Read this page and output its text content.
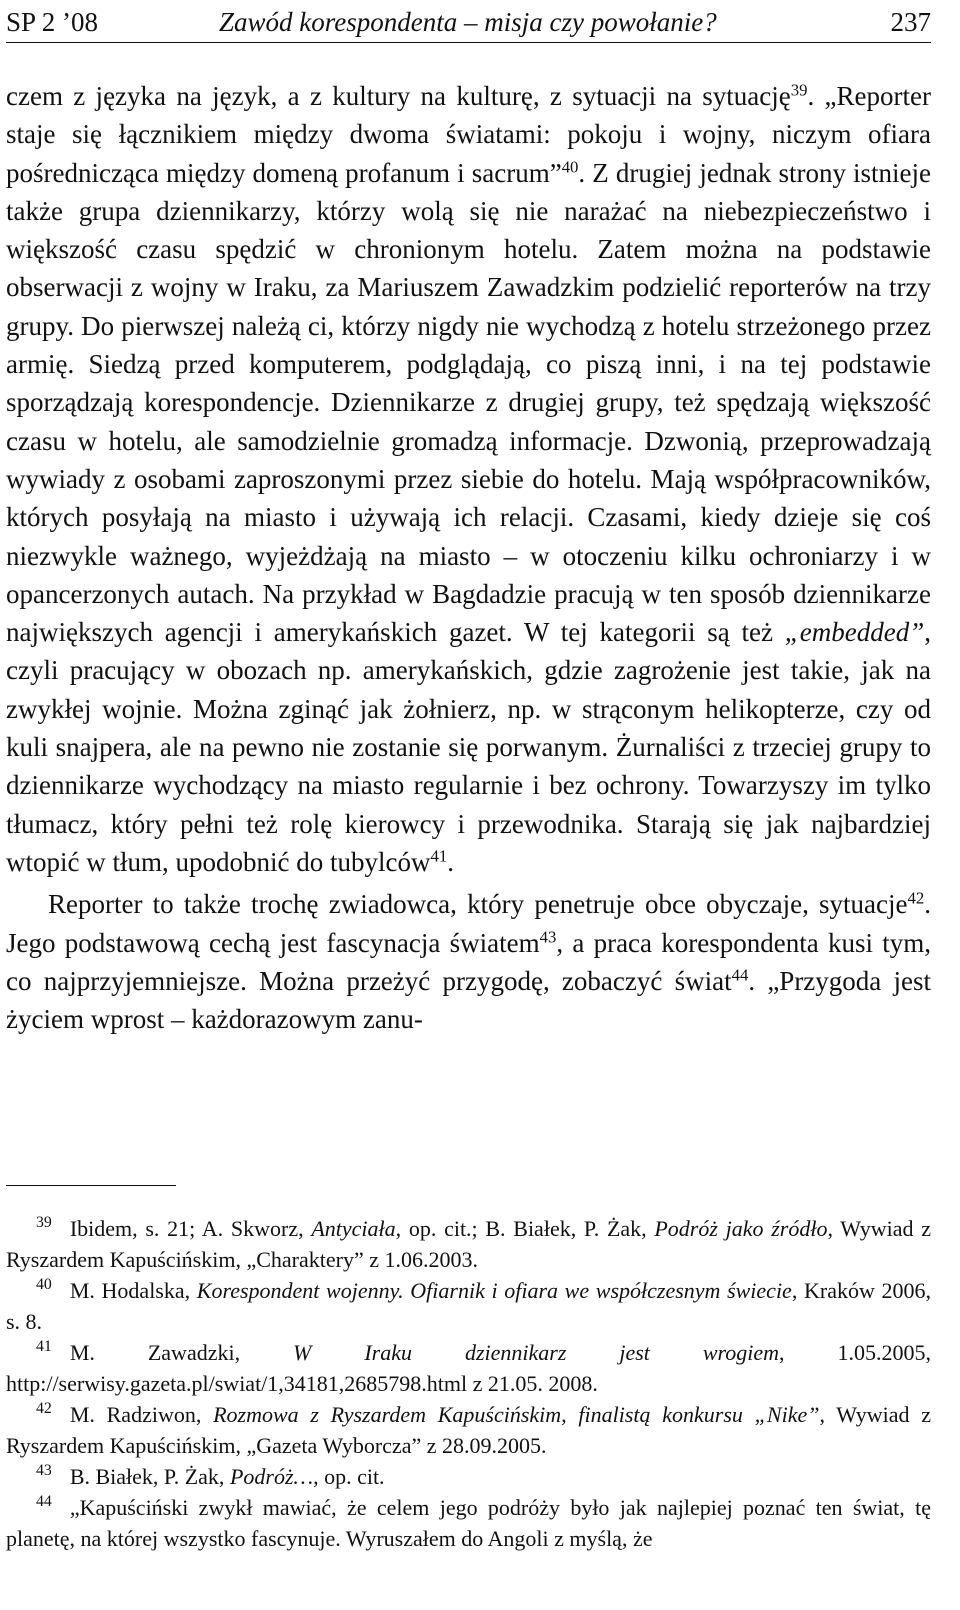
SP 2 ’08	Zawód korespondenta – misja czy powołanie?	237

czem z języka na język, a z kultury na kulturę, z sytuacji na sytuację$^{39}$. „Reporter staje się łącznikiem między dwoma światami: pokoju i wojny, niczym ofiara pośrednicząca między domeną profanum i sacrum”$^{40}$. Z drugiej jednak strony istnieje także grupa dziennikarzy, którzy wolą się nie narażać na niebezpieczeństwo i większość czasu spędzić w chronionym hotelu. Zatem można na podstawie obserwacji z wojny w Iraku, za Mariuszem Zawadzkim podzielić reporterów na trzy grupy. Do pierwszej należą ci, którzy nigdy nie wychodzą z hotelu strzeżonego przez armię. Siedzą przed komputerem, podglądają, co piszą inni, i na tej podstawie sporządzają korespondencje. Dziennikarze z drugiej grupy, też spędzają większość czasu w hotelu, ale samodzielnie gromadzą informacje. Dzwonią, przeprowadzają wywiady z osobami zaproszonymi przez siebie do hotelu. Mają współpracowników, których posyłają na miasto i używają ich relacji. Czasami, kiedy dzieje się coś niezwykle ważnego, wyjeżdżają na miasto – w otoczeniu kilku ochroniarzy i w opancerzonych autach. Na przykład w Bagdadzie pracują w ten sposób dziennikarze największych agencji i amerykańskich gazet. W tej kategorii są też „embedded”, czyli pracujący w obozach np. amerykańskich, gdzie zagrożenie jest takie, jak na zwykłej wojnie. Można zginąć jak żołnierz, np. w strąconym helikopterze, czy od kuli snajpera, ale na pewno nie zostanie się porwanym. Żurnaliści z trzeciej grupy to dziennikarze wychodzący na miasto regularnie i bez ochrony. Towarzyszy im tylko tłumacz, który pełni też rolę kierowcy i przewodnika. Starają się jak najbardziej wtopić w tłum, upodobnić do tubylców$^{41}$.

Reporter to także trochę zwiadowca, który penetruje obce obyczaje, sytuacje$^{42}$. Jego podstawową cechą jest fascynacja światem$^{43}$, a praca korespondenta kusi tym, co najprzyjemniejsze. Można przeżyć przygodę, zobaczyć świat$^{44}$. „Przygoda jest życiem wprost – każdorazowym zanu-

$^{39}$ Ibidem, s. 21; A. Skworz, Antyciała, op. cit.; B. Białek, P. Żak, Podróż jako źródło, Wywiad z Ryszardem Kapuścińskim, „Charaktery” z 1.06.2003.

$^{40}$ M. Hodalska, Korespondent wojenny. Ofiarnik i ofiara we współczesnym świecie, Kraków 2006, s. 8.

$^{41}$ M. Zawadzki, W Iraku dziennikarz jest wrogiem, 1.05.2005, http://serwisy.gazeta.pl/swiat/1,34181,2685798.html z 21.05. 2008.

$^{42}$ M. Radziwon, Rozmowa z Ryszardem Kapuścińskim, finalistą konkursu „Nike”, Wywiad z Ryszardem Kapuścińskim, „Gazeta Wyborcza” z 28.09.2005.

$^{43}$ B. Białek, P. Żak, Podróż…, op. cit.

$^{44}$ „Kapuściński zwykł mawiać, że celem jego podróży było jak najlepiej poznać ten świat, tę planetę, na której wszystko fascynuje. Wyruszałem do Angoli z myślą, że
